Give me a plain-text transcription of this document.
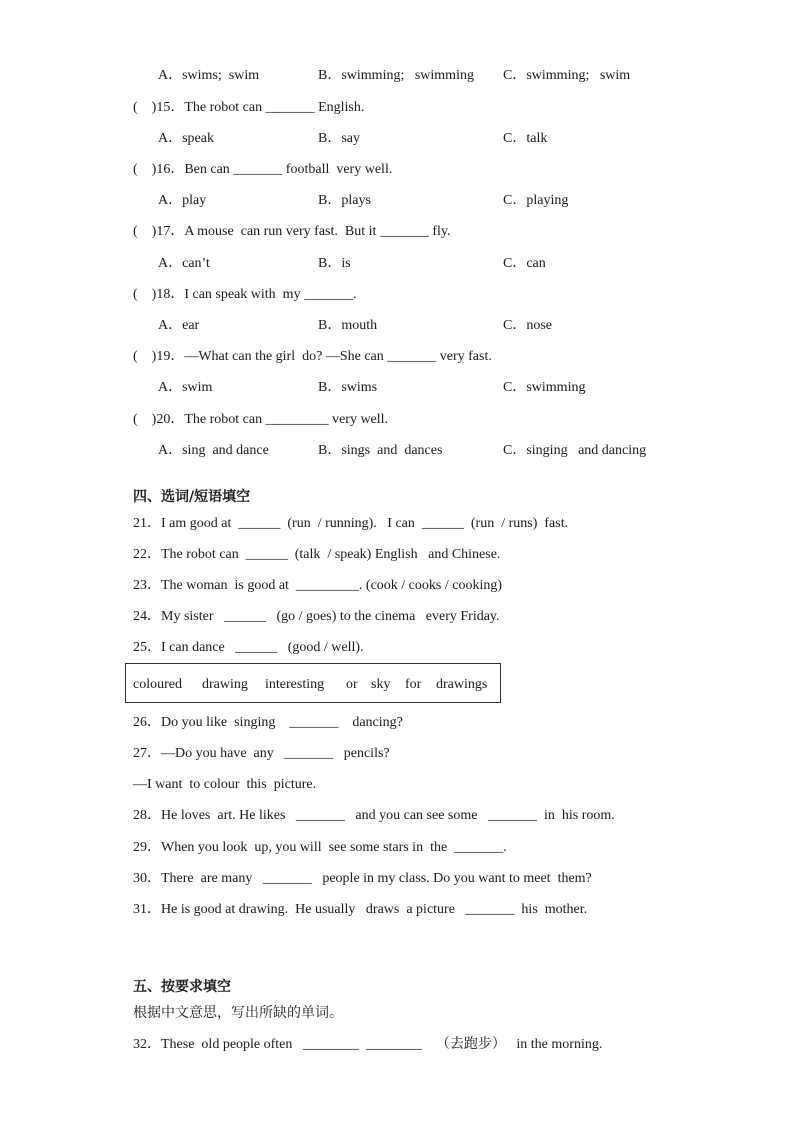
A．swims;  swim	B．swimming;   swimming C．swimming;   swim
(    )15．The robot can _______ English.
A．speak	B．say	C．talk
(    )16．Ben can _______ football  very well.
A．play	B．plays	C．playing
(    )17．A mouse  can run very fast.  But it _______ fly.
A．can’t	B．is	C．can
(    )18．I can speak with  my _______.
A．ear	B．mouth	C．nose
(    )19．—What can the girl  do? —She can _______ very fast.
A．swim	B．swims	C．swimming
(    )20．The robot can _________ very well.
A．sing  and dance	B．sings  and  dances	C．singing   and dancing
四、选词/短语填空
21．I am good at  ______  (run  / running).   I can  ______  (run  / runs)  fast.
22．The robot can  ______  (talk  / speak) English   and Chinese.
23．The woman  is good at  _________. (cook / cooks / cooking)
24．My sister   ______   (go / goes) to the cinema   every Friday.
25．I can dance   ______   (good / well).
coloured drawing interesting or sky for drawings
26．Do you like  singing    _______    dancing?
27．—Do you have  any   _______   pencils?
—I want  to colour  this  picture.
28．He loves  art. He likes   _______   and you can see some   _______  in  his room.
29．When you look  up, you will  see some stars in  the  _______.
30．There  are many   _______   people in my class. Do you want to meet  them?
31．He is good at drawing.  He usually   draws  a picture   _______  his  mother.
五、按要求填空
根据中文意思，写出所缺的单词。
32．These  old people often   ________  ________    （去跑步）   in the morning.
